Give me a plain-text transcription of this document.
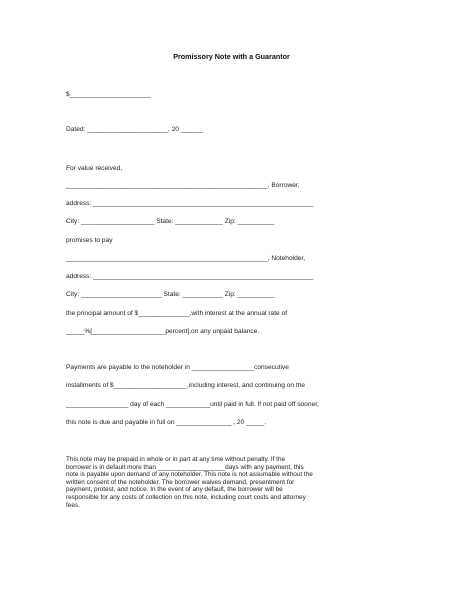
Promissory Note with a Guarantor
$______________________
Dated: ______________________, 20 ______
For value received,
_______________________________________________________, Borrower,
address: ____________________________________________________________
City: ____________________ State: _____________ Zip: __________
promises to pay
_______________________________________________________, Noteholder,
address: ____________________________________________________________
City: ______________________ State: ___________ Zip: __________
the principal amount of $______________,with interest at the annual rate of
_____%[____________________percent],on any unpaid balance.
Payments are payable to the noteholder in _________________consecutive
installments of $____________________,including interest, and continuing on the
_________________ day of each ____________until paid in full. If not paid off sooner,
this note is due and payable in full on _______________ , 20 _____.
This note may be prepaid in whole or in part at any time without penalty. If the
borrower is in default more than ___________________days with any payment, this
note is payable upon demand of any noteholder. This note is not assumable without the
written consent of the noteholder. The borrower waives demand, presentment for
payment, protest, and notice. In the event of any default, the borrower will be
responsible for any costs of collection on this note, including court costs and attorney
fees.
